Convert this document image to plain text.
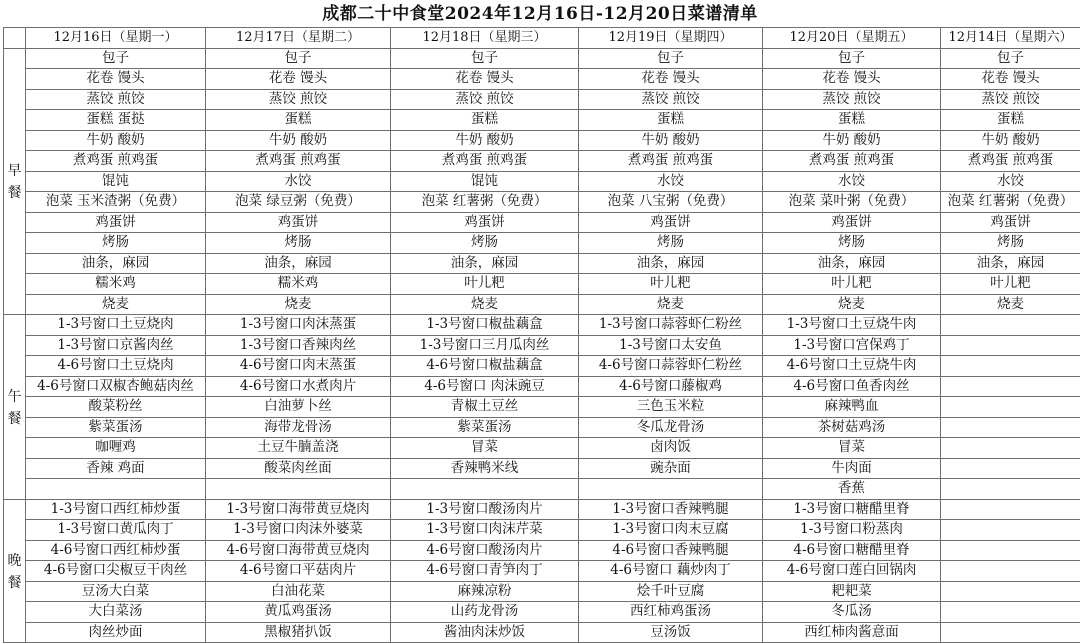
成都二十中食堂2024年12月16日-12月20日菜谱清单
	12月16日（星期一）	12月17日（星期二）	12月18日（星期三）	12月19日（星期四）	12月20日（星期五）	12月14日（星期六）

早
餐	包子	包子	包子	包子	包子	包子
	花卷 馒头	花卷 馒头	花卷 馒头	花卷 馒头	花卷 馒头	花卷 馒头
	蒸饺 煎饺	蒸饺 煎饺	蒸饺 煎饺	蒸饺 煎饺	蒸饺 煎饺	蒸饺 煎饺
	蛋糕 蛋挞	蛋糕	蛋糕	蛋糕	蛋糕	蛋糕
	牛奶 酸奶	牛奶 酸奶	牛奶 酸奶	牛奶 酸奶	牛奶 酸奶	牛奶 酸奶
	煮鸡蛋 煎鸡蛋	煮鸡蛋 煎鸡蛋	煮鸡蛋 煎鸡蛋	煮鸡蛋 煎鸡蛋	煮鸡蛋 煎鸡蛋	煮鸡蛋 煎鸡蛋
	馄饨	水饺	馄饨	水饺	水饺	水饺
	泡菜 玉米渣粥（免费）	泡菜 绿豆粥（免费）	泡菜 红薯粥（免费）	泡菜 八宝粥（免费）	泡菜 菜叶粥（免费）	泡菜 红薯粥（免费）
	鸡蛋饼	鸡蛋饼	鸡蛋饼	鸡蛋饼	鸡蛋饼	鸡蛋饼
	烤肠	烤肠	烤肠	烤肠	烤肠	烤肠
	油条，麻园	油条，麻园	油条，麻园	油条，麻园	油条，麻园	油条，麻园
	糯米鸡	糯米鸡	叶儿粑	叶儿粑	叶儿粑	叶儿粑
	烧麦	烧麦	烧麦	烧麦	烧麦	烧麦

午
餐	1-3号窗口土豆烧肉	1-3号窗口肉沫蒸蛋	1-3号窗口椒盐藕盒	1-3号窗口蒜蓉虾仁粉丝	1-3号窗口土豆烧牛肉	
	1-3号窗口京酱肉丝	1-3号窗口香辣肉丝	1-3号窗口三月瓜肉丝	1-3号窗口太安鱼	1-3号窗口宫保鸡丁	
	4-6号窗口土豆烧肉	4-6号窗口肉末蒸蛋	4-6号窗口椒盐藕盒	4-6号窗口蒜蓉虾仁粉丝	4-6号窗口土豆烧牛肉	
	4-6号窗口双椒杏鲍菇肉丝	4-6号窗口水煮肉片	4-6号窗口 肉沫豌豆	4-6号窗口藤椒鸡	4-6号窗口鱼香肉丝	
	酸菜粉丝	白油萝卜丝	青椒土豆丝	三色玉米粒	麻辣鸭血	
	紫菜蛋汤	海带龙骨汤	紫菜蛋汤	冬瓜龙骨汤	茶树菇鸡汤	
	咖喱鸡	土豆牛腩盖浇	冒菜	卤肉饭	冒菜	
	香辣 鸡面	酸菜肉丝面	香辣鸭米线	豌杂面	牛肉面	
					香蕉	

晚
餐	1-3号窗口西红柿炒蛋	1-3号窗口海带黄豆烧肉	1-3号窗口酸汤肉片	1-3号窗口香辣鸭腿	1-3号窗口糖醋里脊	
	1-3号窗口黄瓜肉丁	1-3号窗口肉沫外婆菜	1-3号窗口肉沫芹菜	1-3号窗口肉末豆腐	1-3号窗口粉蒸肉	
	4-6号窗口西红柿炒蛋	4-6号窗口海带黄豆烧肉	4-6号窗口酸汤肉片	4-6号窗口香辣鸭腿	4-6号窗口糖醋里脊	
	4-6号窗口尖椒豆干肉丝	4-6号窗口平菇肉片	4-6号窗口青笋肉丁	4-6号窗口 藕炒肉丁	4-6号窗口莲白回锅肉	
	豆汤大白菜	白油花菜	麻辣凉粉	烩千叶豆腐	耙耙菜	
	大白菜汤	黄瓜鸡蛋汤	山药龙骨汤	西红柿鸡蛋汤	冬瓜汤	
	肉丝炒面	黑椒猪扒饭	酱油肉沫炒饭	豆汤饭	西红柿肉酱意面	
